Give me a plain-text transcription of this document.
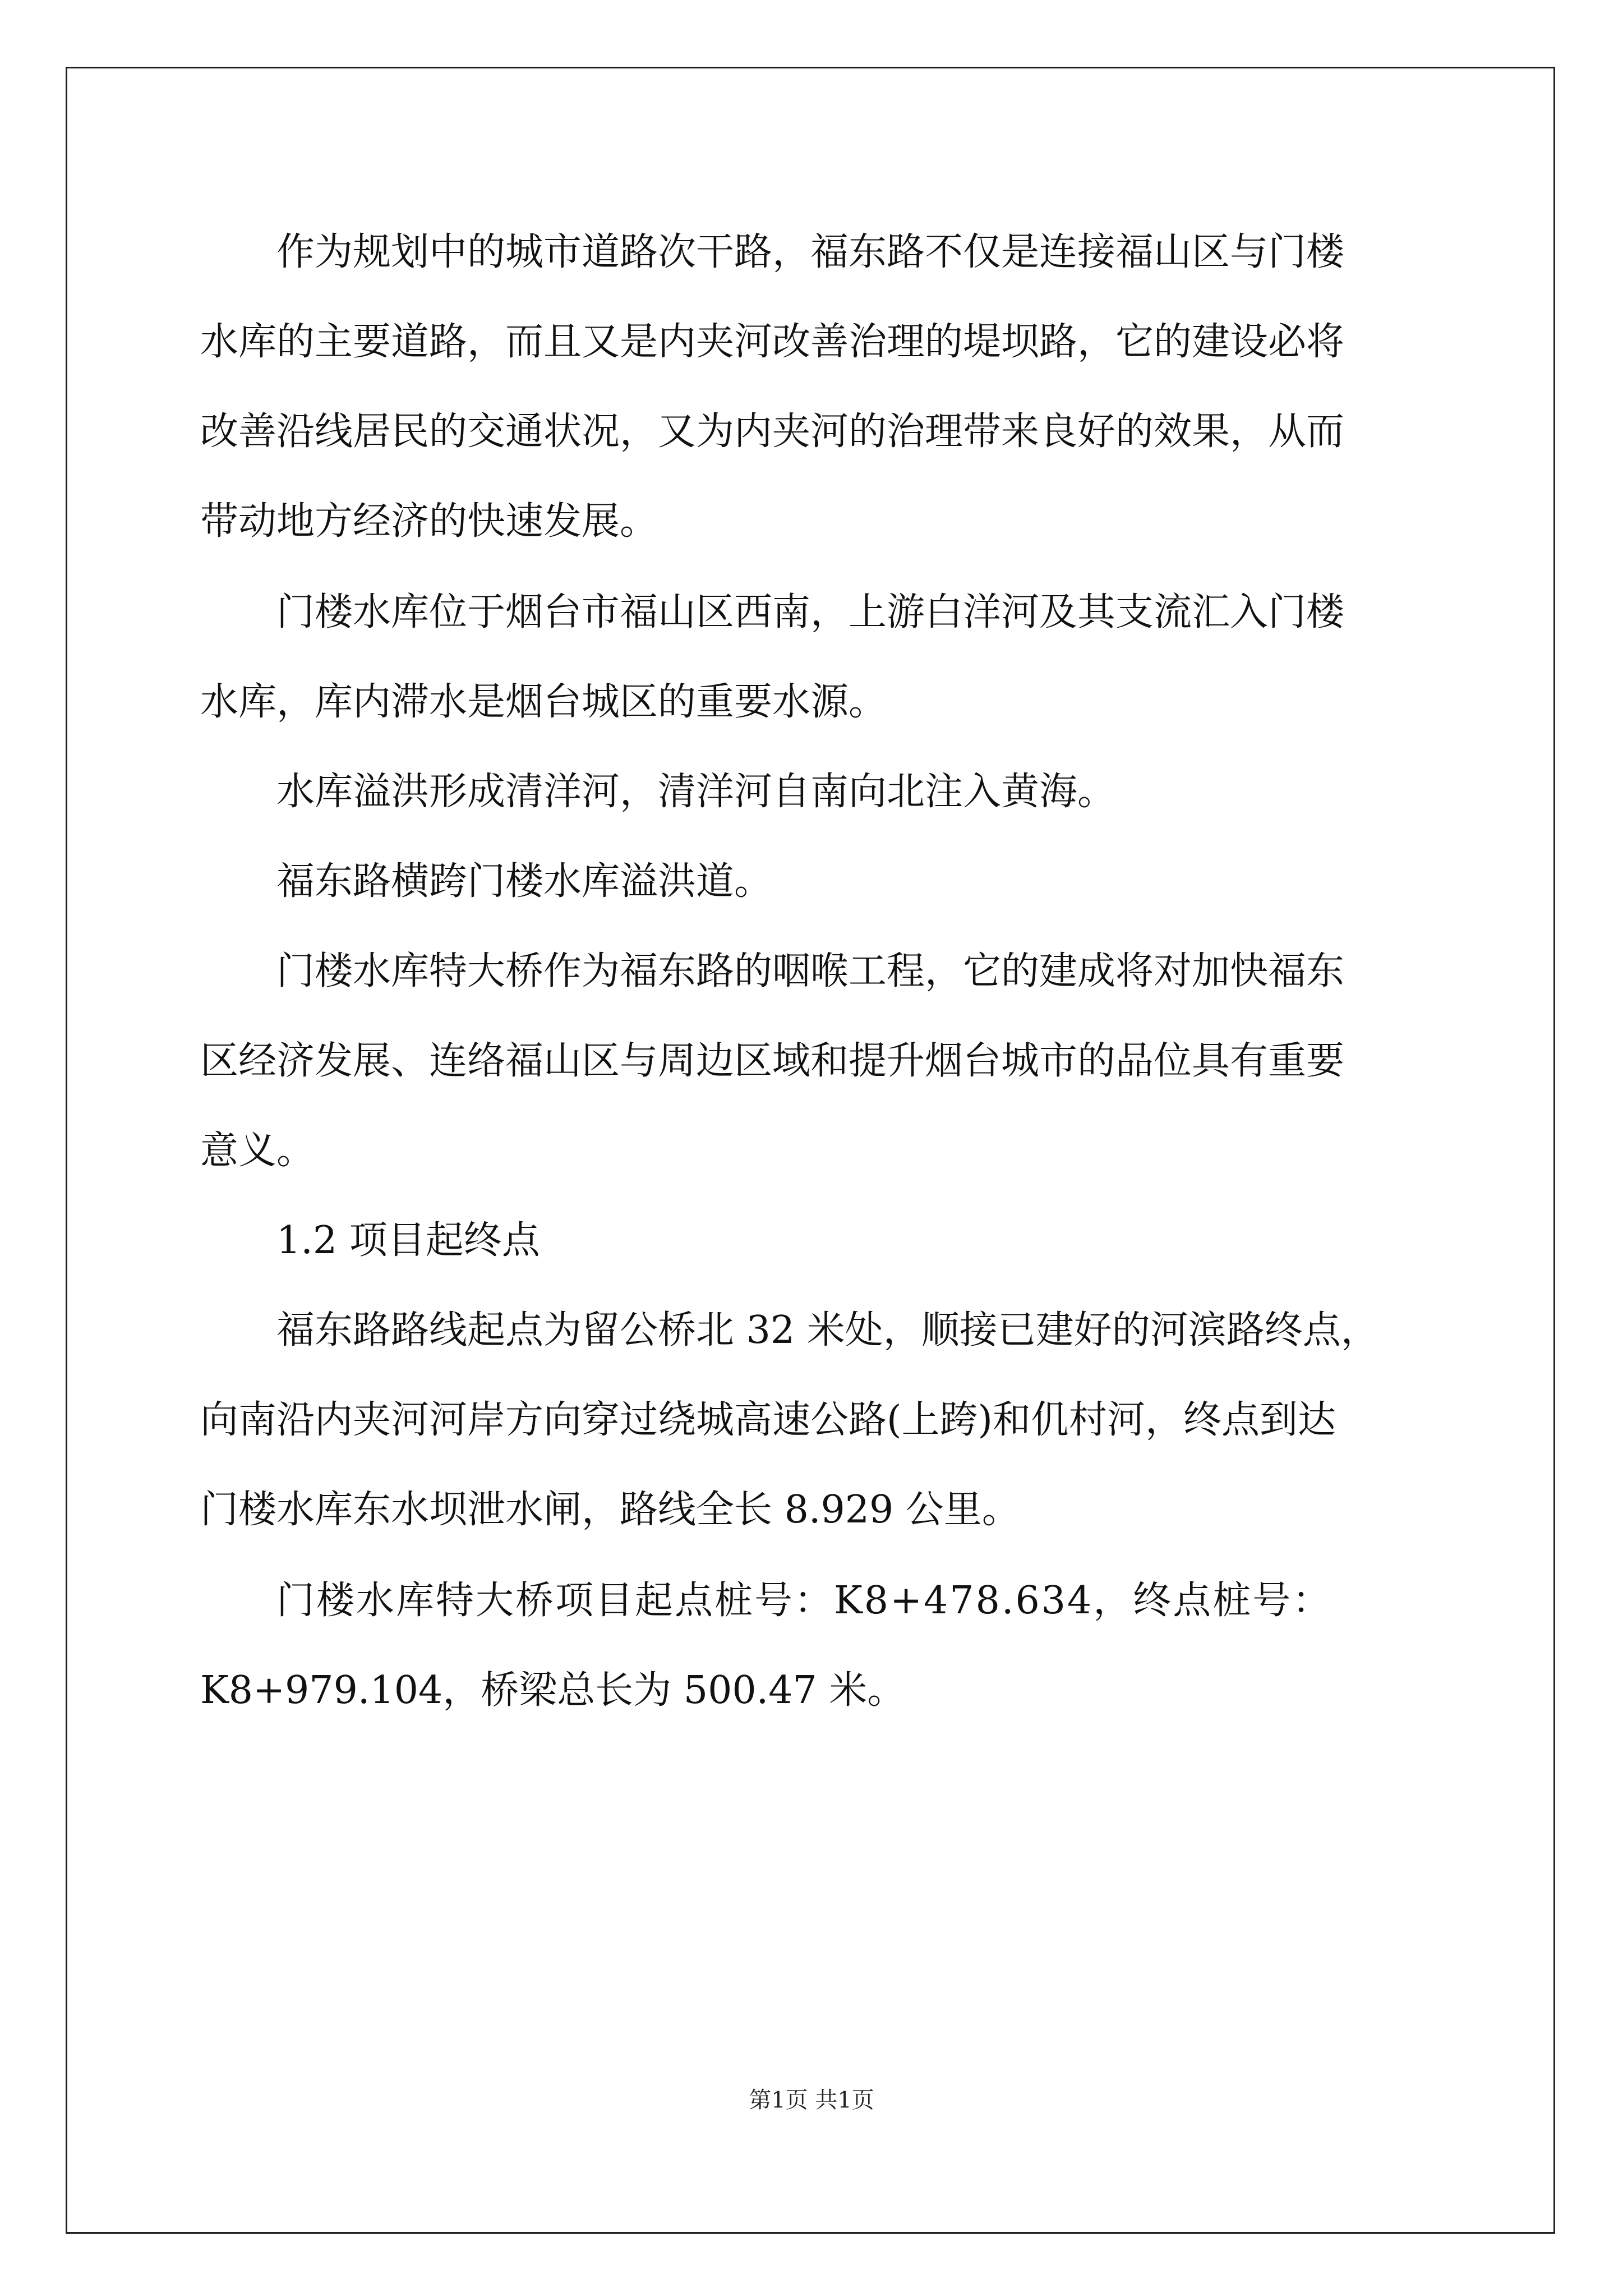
作为规划中的城市道路次干路，福东路不仅是连接福山区与门楼
水库的主要道路，而且又是内夹河改善治理的堤坝路，它的建设必将
改善沿线居民的交通状况，又为内夹河的治理带来良好的效果，从而
带动地方经济的快速发展。
门楼水库位于烟台市福山区西南，上游白洋河及其支流汇入门楼
水库，库内滞水是烟台城区的重要水源。
水库溢洪形成清洋河，清洋河自南向北注入黄海。
福东路横跨门楼水库溢洪道。
门楼水库特大桥作为福东路的咽喉工程，它的建成将对加快福东
区经济发展、连络福山区与周边区域和提升烟台城市的品位具有重要
意义。
1.2 项目起终点
福东路路线起点为留公桥北 32 米处，顺接已建好的河滨路终点，
向南沿内夹河河岸方向穿过绕城高速公路(上跨)和仉村河，终点到达
门楼水库东水坝泄水闸，路线全长 8.929 公里。
门楼水库特大桥项目起点桩号：K8+478.634，终点桩号：
K8+979.104，桥梁总长为 500.47 米。
第1页 共1页
